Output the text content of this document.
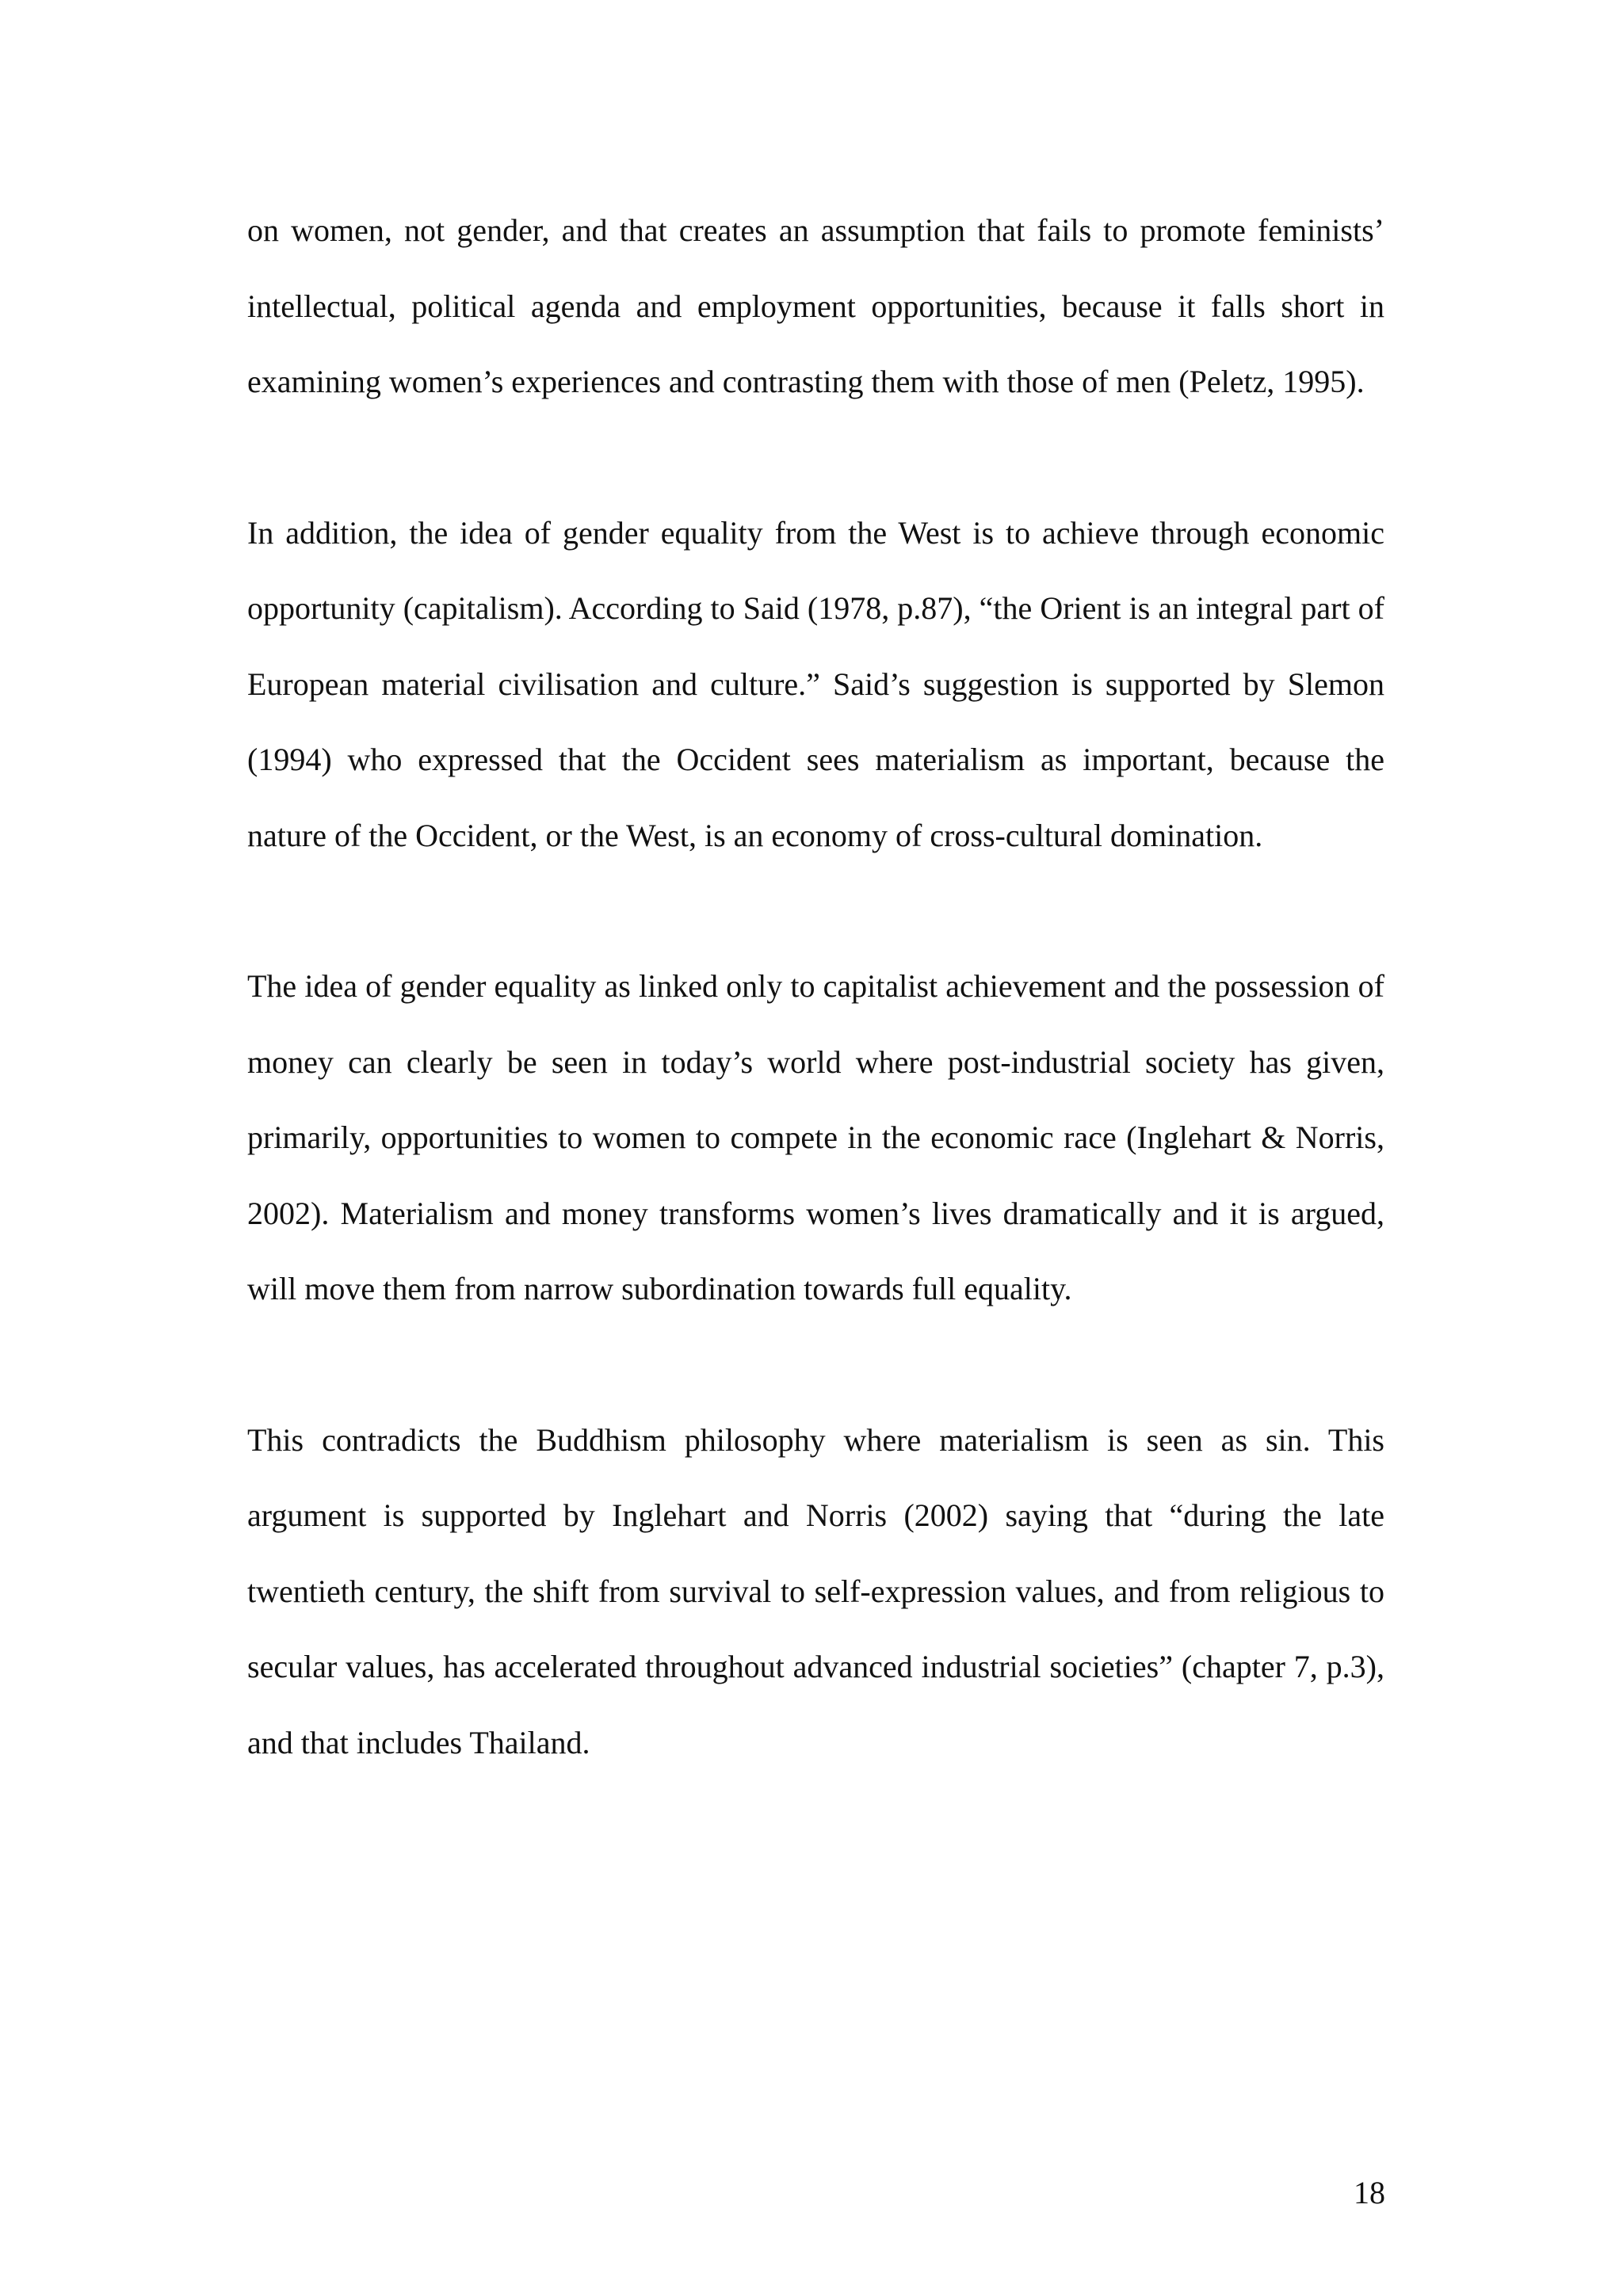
on women, not gender, and that creates an assumption that fails to promote feminists’ intellectual, political agenda and employment opportunities, because it falls short in examining women’s experiences and contrasting them with those of men (Peletz, 1995).

In addition, the idea of gender equality from the West is to achieve through economic opportunity (capitalism). According to Said (1978, p.87), “the Orient is an integral part of European material civilisation and culture.” Said’s suggestion is supported by Slemon (1994) who expressed that the Occident sees materialism as important, because the nature of the Occident, or the West, is an economy of cross-cultural domination.

The idea of gender equality as linked only to capitalist achievement and the possession of money can clearly be seen in today’s world where post-industrial society has given, primarily, opportunities to women to compete in the economic race (Inglehart & Norris, 2002). Materialism and money transforms women’s lives dramatically and it is argued, will move them from narrow subordination towards full equality.

This contradicts the Buddhism philosophy where materialism is seen as sin. This argument is supported by Inglehart and Norris (2002) saying that “during the late twentieth century, the shift from survival to self-expression values, and from religious to secular values, has accelerated throughout advanced industrial societies” (chapter 7, p.3), and that includes Thailand.

18
